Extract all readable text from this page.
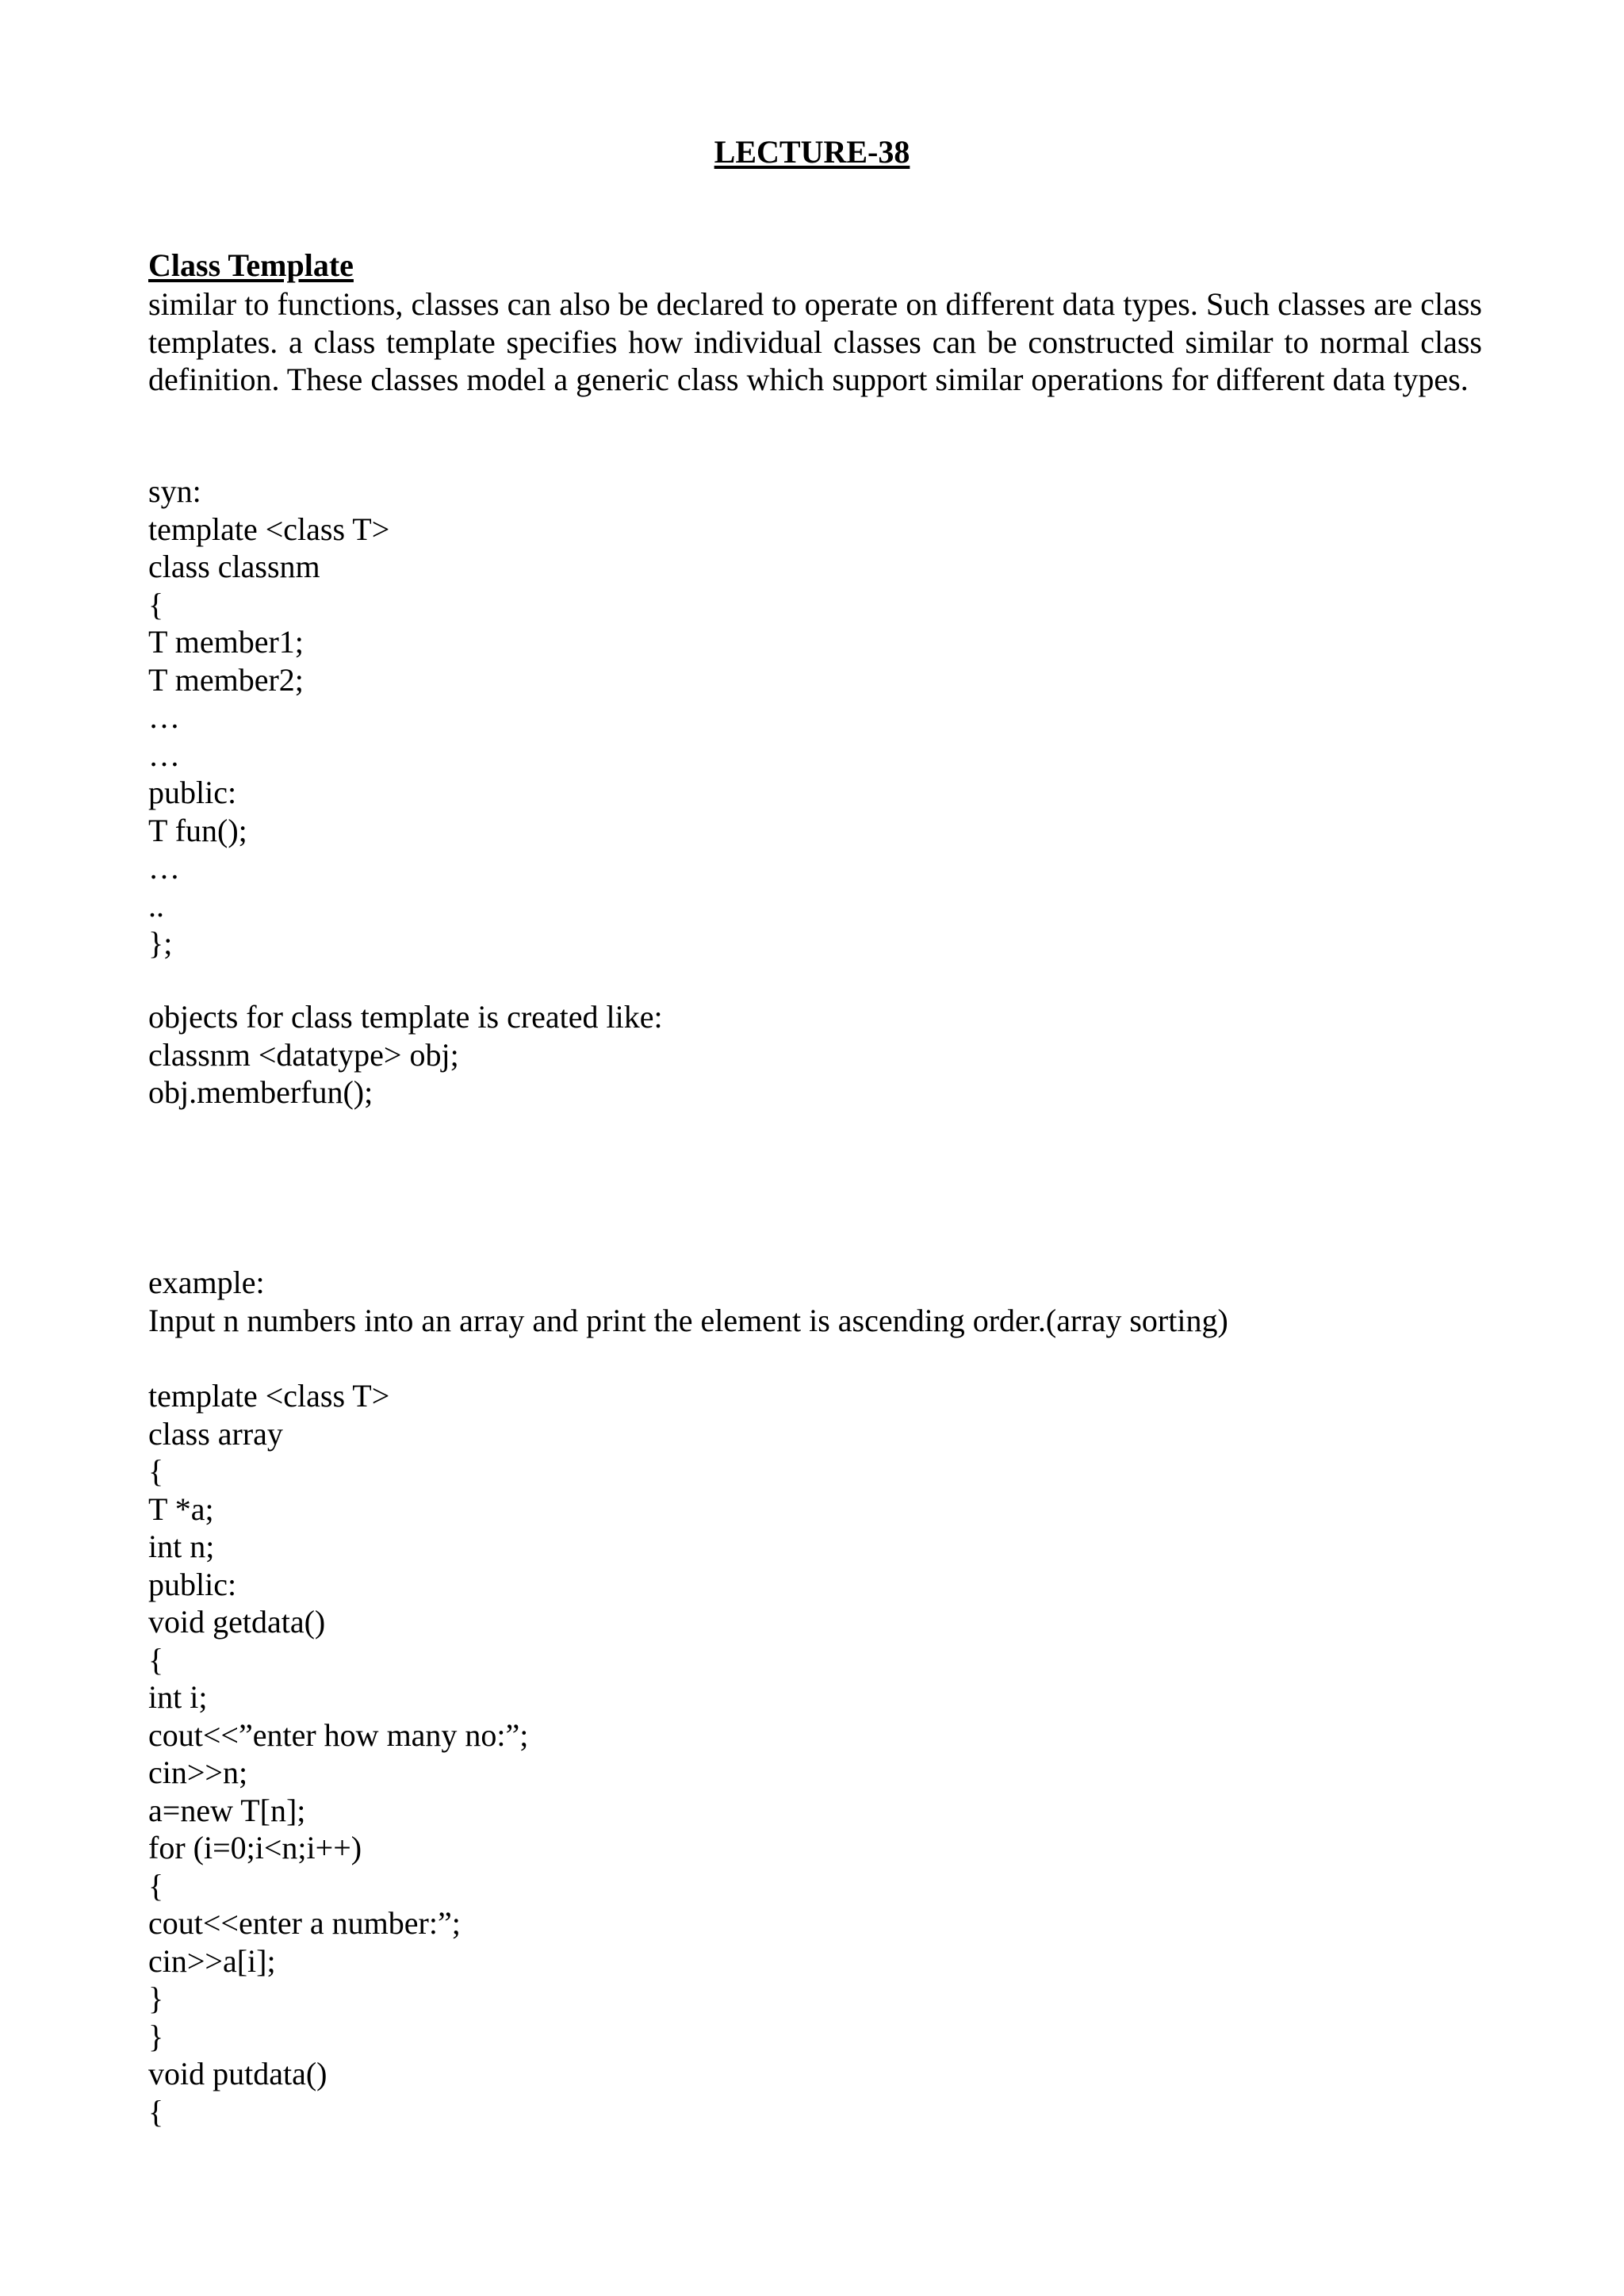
LECTURE-38
Class Template

similar to functions, classes can also be declared to operate on different data types. Such classes are class templates. a class template specifies how individual classes can be constructed similar to normal class definition. These classes model a generic class which support similar operations for different data types.

syn:
template <class T>
class classnm
{
T member1;
T member2;
…
…
public:
T fun();
…
..
};
objects for class template is created like:
classnm <datatype> obj;
obj.memberfun();
example:
Input n numbers into an array and print the element is ascending order.(array sorting)
template <class T>
class array
{
T *a;
int n;
public:
void getdata()
{
int i;
cout<<”enter how many no:”;
cin>>n;
a=new T[n];
for (i=0;i<n;i++)
{
cout<<enter a number:”;
cin>>a[i];
}
}
void putdata()
{
